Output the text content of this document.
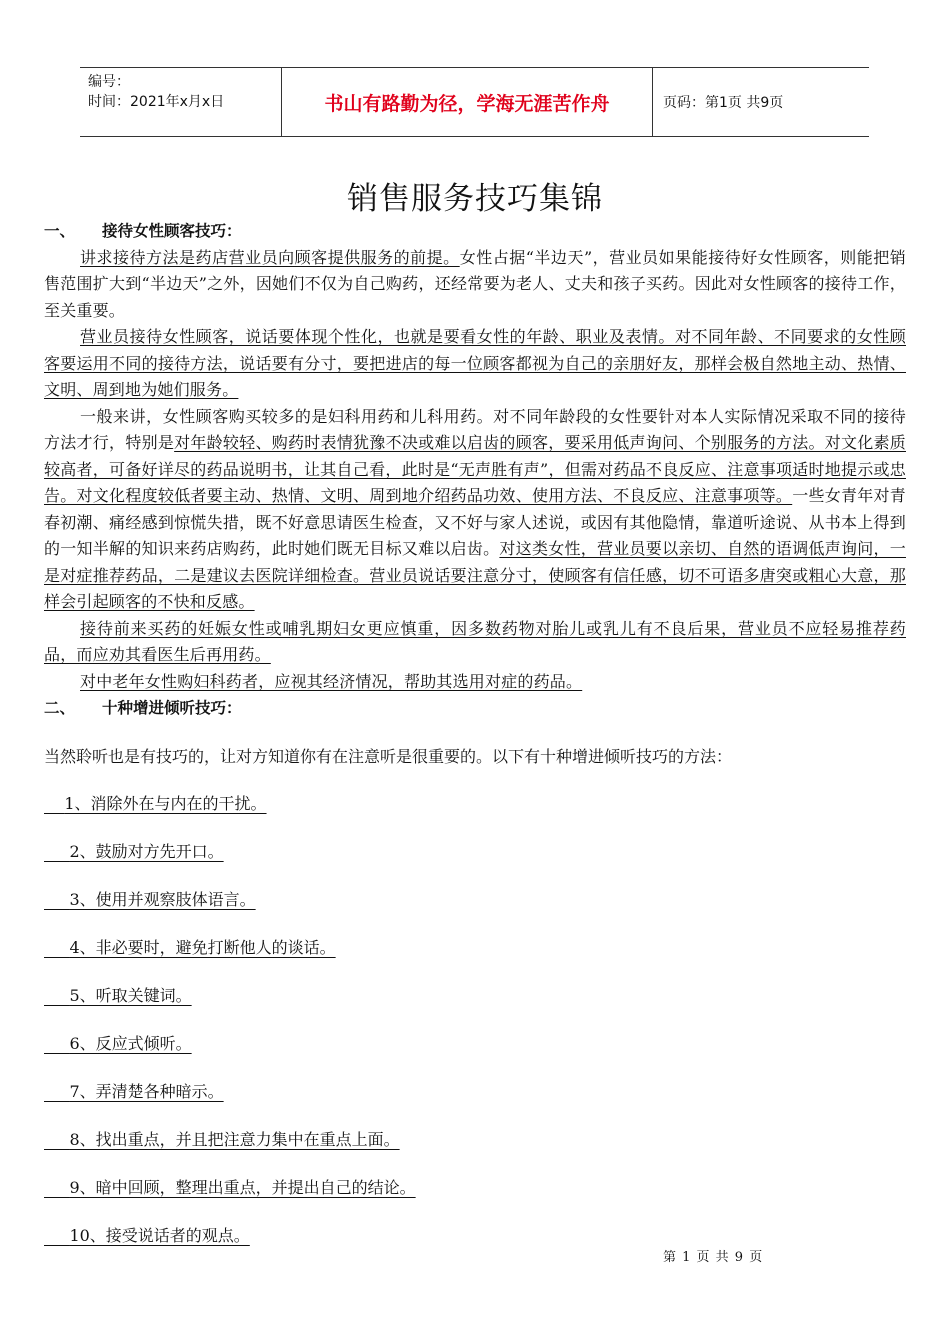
编号：
时间：2021年x月x日	书山有路勤为径，学海无涯苦作舟	页码：第1页 共9页
销售服务技巧集锦
一、 接待女性顾客技巧：

讲求接待方法是药店营业员向顾客提供服务的前提。女性占据“半边天”，营业员如果能接待好女性顾客，则能把销售范围扩大到“半边天”之外，因她们不仅为自己购药，还经常要为老人、丈夫和孩子买药。因此对女性顾客的接待工作，至关重要。

营业员接待女性顾客，说话要体现个性化，也就是要看女性的年龄、职业及表情。对不同年龄、不同要求的女性顾客要运用不同的接待方法，说话要有分寸，要把进店的每一位顾客都视为自己的亲朋好友，那样会极自然地主动、热情、文明、周到地为她们服务。

一般来讲，女性顾客购买较多的是妇科用药和儿科用药。对不同年龄段的女性要针对本人实际情况采取不同的接待方法才行，特别是对年龄较轻、购药时表情犹豫不决或难以启齿的顾客，要采用低声询问、个别服务的方法。对文化素质较高者，可备好详尽的药品说明书，让其自己看，此时是“无声胜有声”，但需对药品不良反应、注意事项适时地提示或忠告。对文化程度较低者要主动、热情、文明、周到地介绍药品功效、使用方法、不良反应、注意事项等。一些女青年对青春初潮、痛经感到惊慌失措，既不好意思请医生检查，又不好与家人述说，或因有其他隐情，靠道听途说、从书本上得到的一知半解的知识来药店购药，此时她们既无目标又难以启齿。对这类女性，营业员要以亲切、自然的语调低声询问，一是对症推荐药品，二是建议去医院详细检查。营业员说话要注意分寸，使顾客有信任感，切不可语多唐突或粗心大意，那样会引起顾客的不快和反感。

接待前来买药的妊娠女性或哺乳期妇女更应慎重，因多数药物对胎儿或乳儿有不良后果，营业员不应轻易推荐药品，而应劝其看医生后再用药。

对中老年女性购妇科药者，应视其经济情况，帮助其选用对症的药品。

二、 十种增进倾听技巧：
当然聆听也是有技巧的，让对方知道你有在注意听是很重要的。以下有十种增进倾听技巧的方法：
1、消除外在与内在的干扰。
2、鼓励对方先开口。
3、使用并观察肢体语言。
4、非必要时，避免打断他人的谈话。
5、听取关键词。
6、反应式倾听。
7、弄清楚各种暗示。
8、找出重点，并且把注意力集中在重点上面。
9、暗中回顾，整理出重点，并提出自己的结论。
10、接受说话者的观点。
第 1 页 共 9 页
